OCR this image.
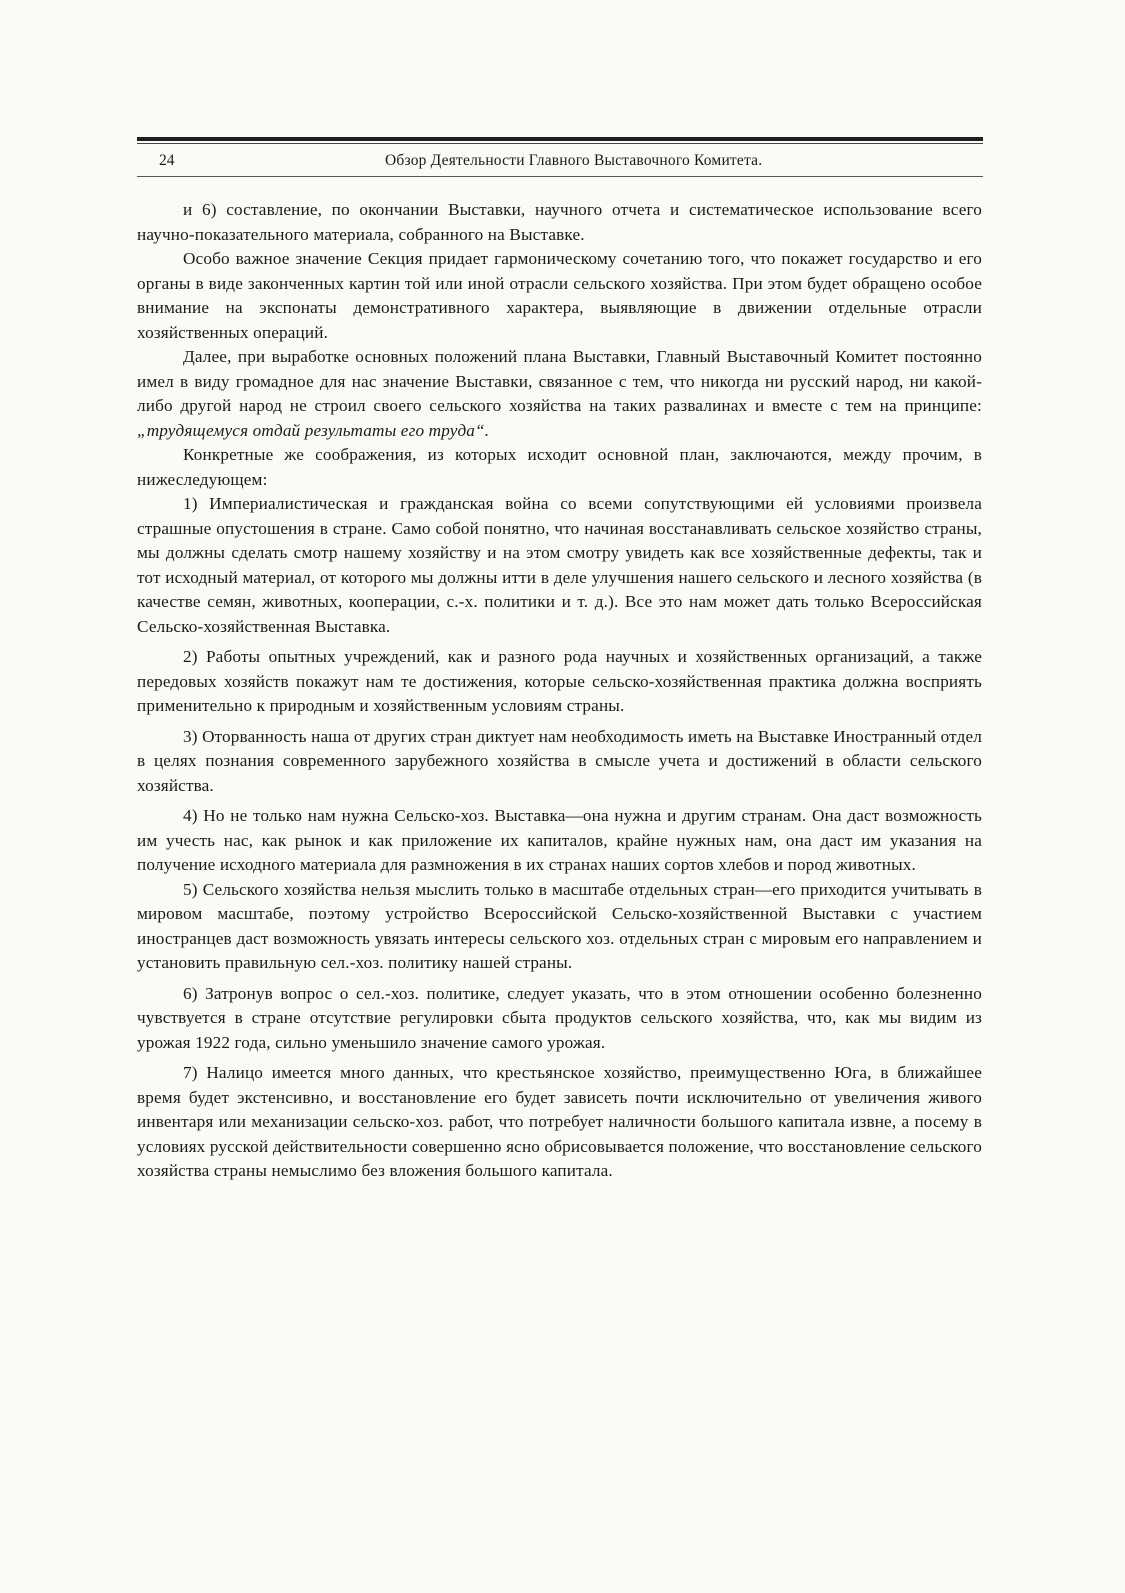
24	Обзор Деятельности Главного Выставочного Комитета.

и 6) составление, по окончании Выставки, научного отчета и систематическое использование всего научно-показательного материала, собранного на Выставке.

Особо важное значение Секция придает гармоническому сочетанию того, что покажет государство и его органы в виде законченных картин той или иной отрасли сельского хозяйства. При этом будет обращено особое внимание на экспонаты демонстративного характера, выявляющие в движении отдельные отрасли хозяйственных операций.

Далее, при выработке основных положений плана Выставки, Главный Выставочный Комитет постоянно имел в виду громадное для нас значение Выставки, связанное с тем, что никогда ни русский народ, ни какой-либо другой народ не строил своего сельского хозяйства на таких развалинах и вместе с тем на принципе: „трудящемуся отдай результаты его труда“.

Конкретные же соображения, из которых исходит основной план, заключаются, между прочим, в нижеследующем:

1) Империалистическая и гражданская война со всеми сопутствующими ей условиями произвела страшные опустошения в стране. Само собой понятно, что начиная восстанавливать сельское хозяйство страны, мы должны сделать смотр нашему хозяйству и на этом смотру увидеть как все хозяйственные дефекты, так и тот исходный материал, от которого мы должны итти в деле улучшения нашего сельского и лесного хозяйства (в качестве семян, животных, кооперации, с.-х. политики и т. д.). Все это нам может дать только Всероссийская Сельско-хозяйственная Выставка.

2) Работы опытных учреждений, как и разного рода научных и хозяйственных организаций, а также передовых хозяйств покажут нам те достижения, которые сельско-хозяйственная практика должна восприять применительно к природным и хозяйственным условиям страны.

3) Оторванность наша от других стран диктует нам необходимость иметь на Выставке Иностранный отдел в целях познания современного зарубежного хозяйства в смысле учета и достижений в области сельского хозяйства.

4) Но не только нам нужна Сельско-хоз. Выставка—она нужна и другим странам. Она даст возможность им учесть нас, как рынок и как приложение их капиталов, крайне нужных нам, она даст им указания на получение исходного материала для размножения в их странах наших сортов хлебов и пород животных.

5) Сельского хозяйства нельзя мыслить только в масштабе отдельных стран—его приходится учитывать в мировом масштабе, поэтому устройство Всероссийской Сельско-хозяйственной Выставки с участием иностранцев даст возможность увязать интересы сельского хоз. отдельных стран с мировым его направлением и установить правильную сел.-хоз. политику нашей страны.

6) Затронув вопрос о сел.-хоз. политике, следует указать, что в этом отношении особенно болезненно чувствуется в стране отсутствие регулировки сбыта продуктов сельского хозяйства, что, как мы видим из урожая 1922 года, сильно уменьшило значение самого урожая.

7) Налицо имеется много данных, что крестьянское хозяйство, преимущественно Юга, в ближайшее время будет экстенсивно, и восстановление его будет зависеть почти исключительно от увеличения живого инвентаря или механизации сельско-хоз. работ, что потребует наличности большого капитала извне, а посему в условиях русской действительности совершенно ясно обрисовывается положение, что восстановление сельского хозяйства страны немыслимо без вложения большого капитала.
